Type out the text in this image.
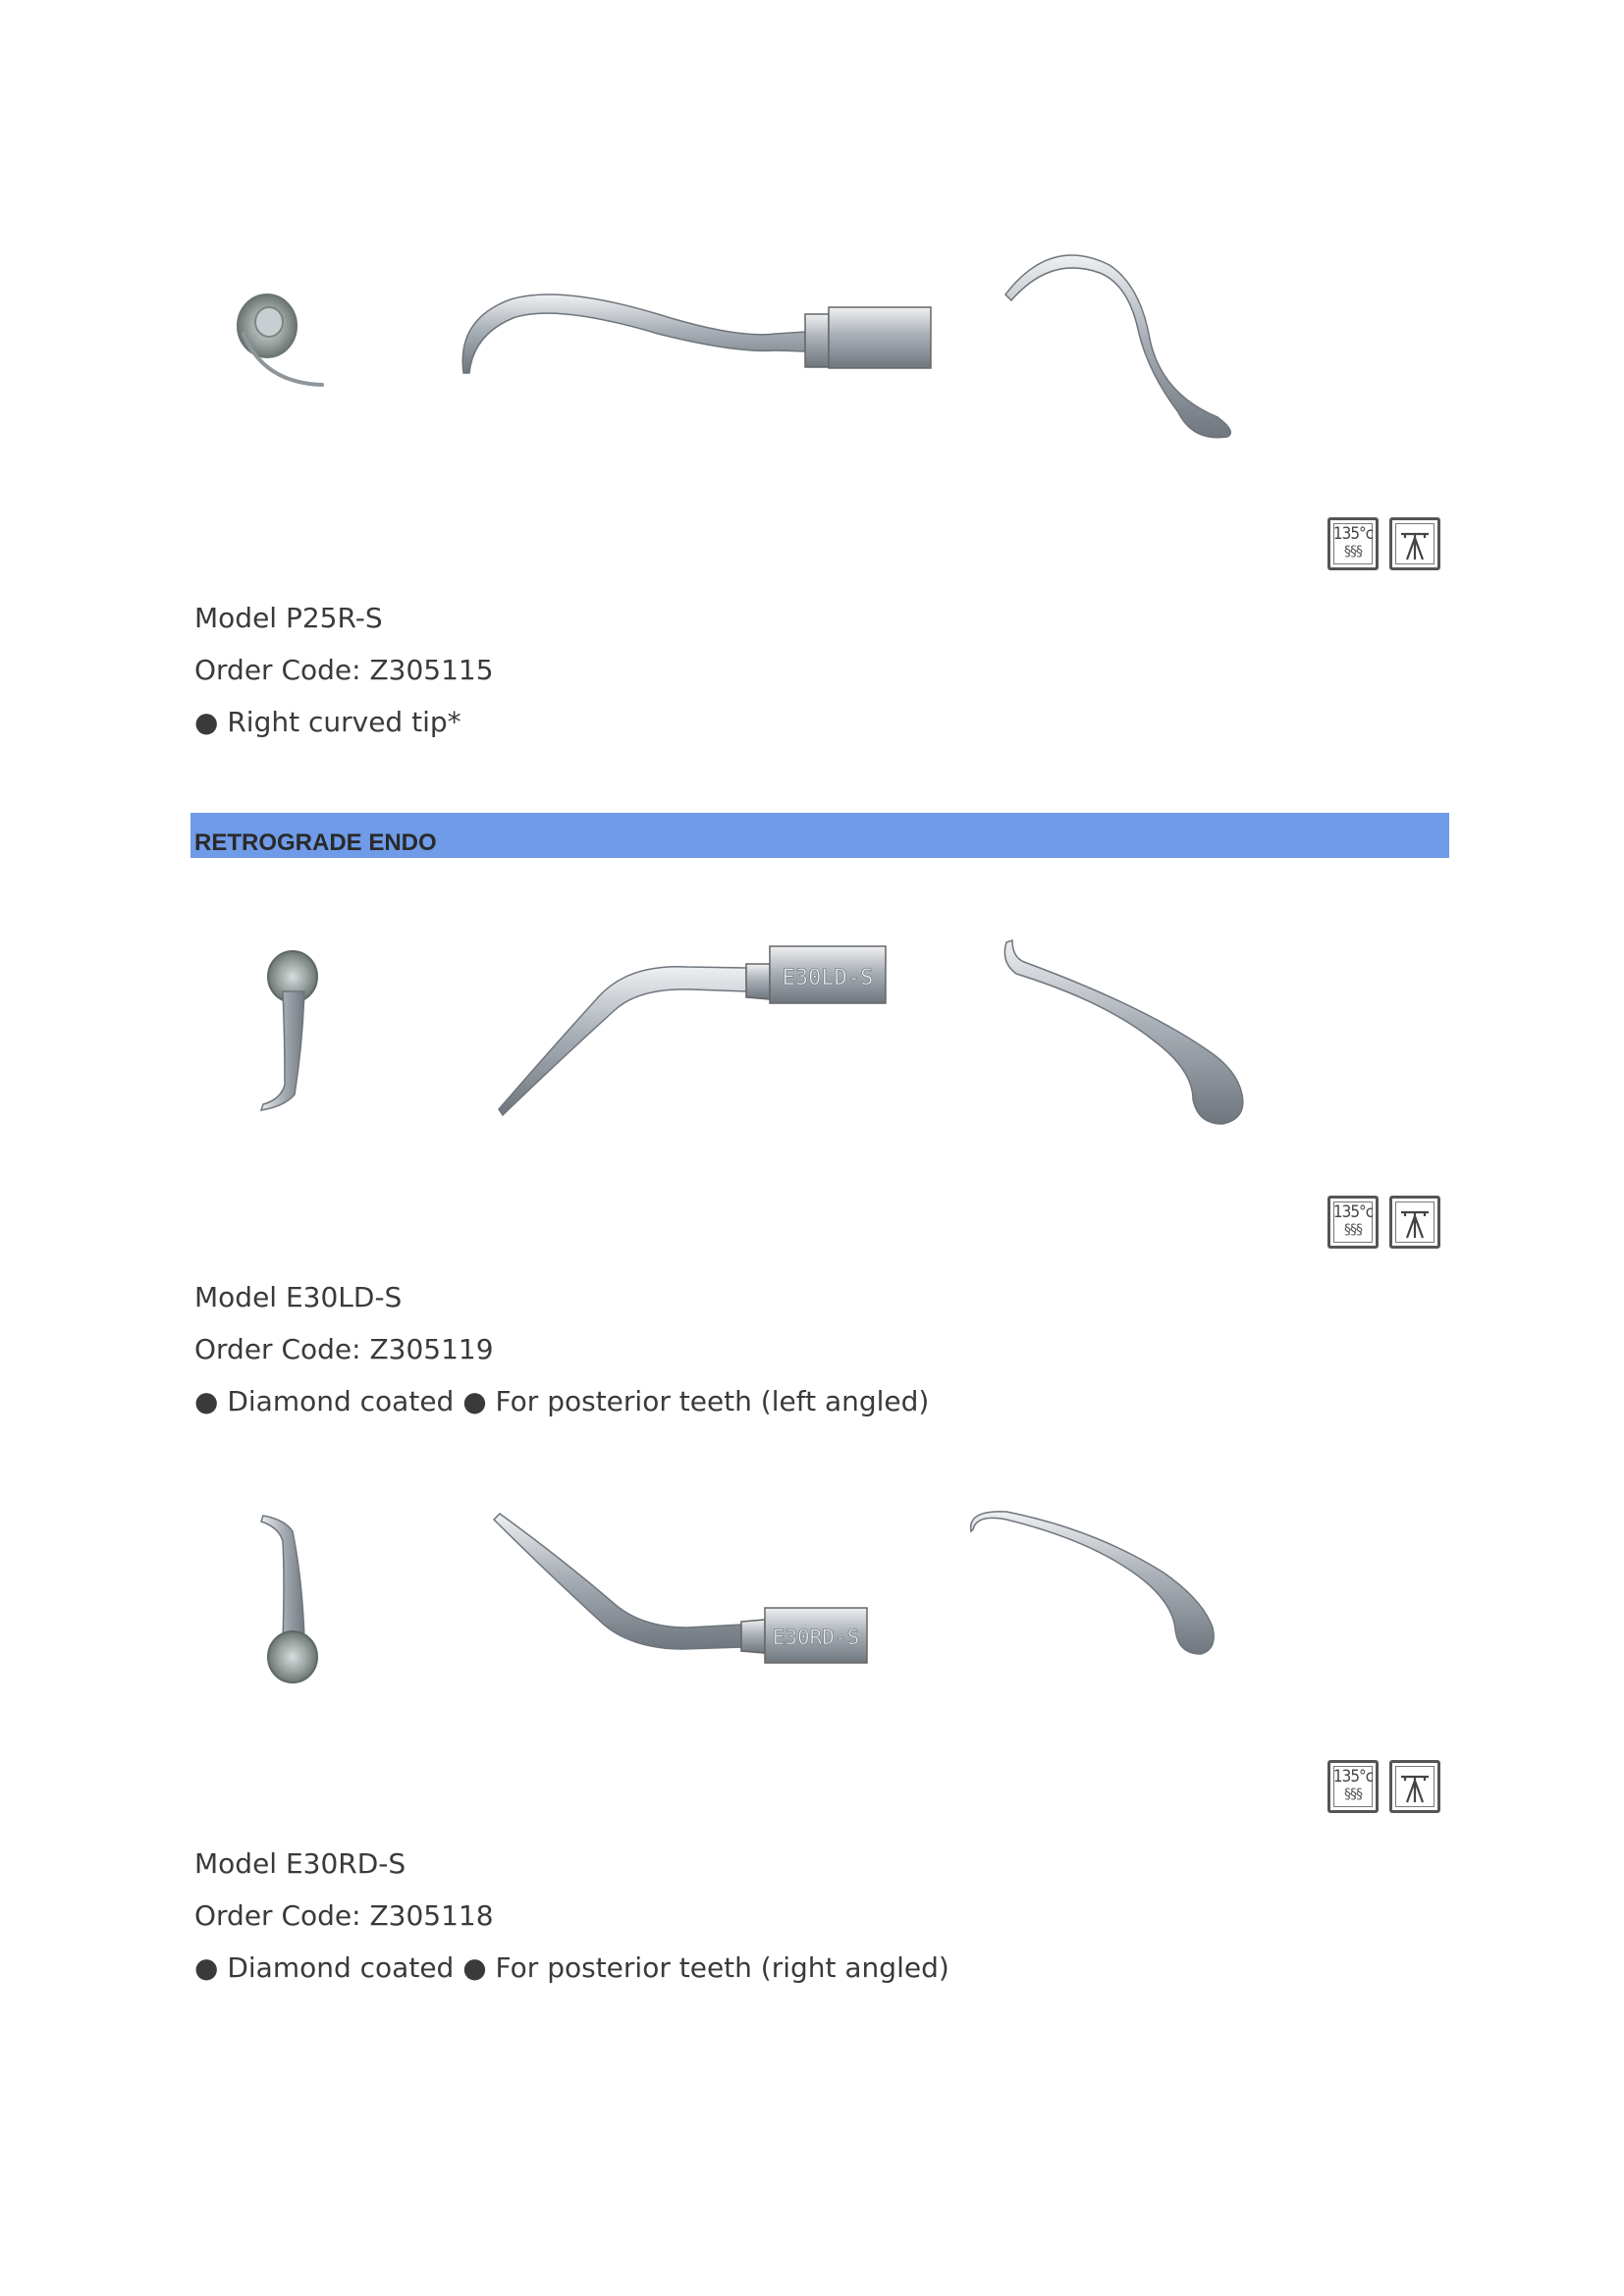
135°c
§§§
Model P25R-S
Order Code: Z305115
● Right curved tip*
RETROGRADE ENDO
E30LD-S
135°c
§§§
Model E30LD-S
Order Code: Z305119
● Diamond coated ● For posterior teeth (left angled)
E30RD-S
135°c
§§§
Model E30RD-S
Order Code: Z305118
● Diamond coated ● For posterior teeth (right angled)
